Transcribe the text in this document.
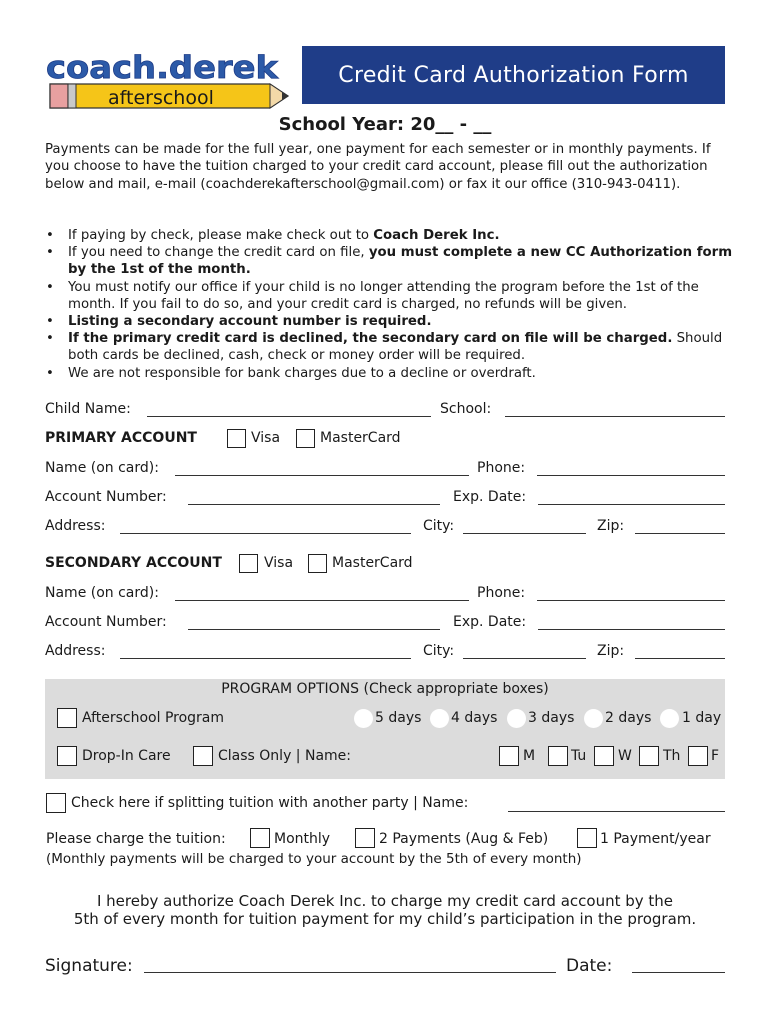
afterschool
coach.derek	Credit Card Authorization Form
School Year: 20__ - __

Payments can be made for the full year, one payment for each semester or in monthly payments. If you choose to have the tuition charged to your credit card account, please fill out the authorization below and mail, e-mail (coachderekafterschool@gmail.com) or fax it our office (310-943-0411).

• If paying by check, please make check out to Coach Derek Inc.
• If you need to change the credit card on file, you must complete a new CC Authorization form by the 1st of the month.
• You must notify our office if your child is no longer attending the program before the 1st of the month. If you fail to do so, and your credit card is charged, no refunds will be given.
• Listing a secondary account number is required.
• If the primary credit card is declined, the secondary card on file will be charged. Should both cards be declined, cash, check or money order will be required.
• We are not responsible for bank charges due to a decline or overdraft.
Child Name:	School:
PRIMARY ACCOUNT	Visa	MasterCard
Name (on card):	Phone:
Account Number:	Exp. Date:
Address:	City:	Zip:
SECONDARY ACCOUNT	Visa	MasterCard
Name (on card):	Phone:
Account Number:	Exp. Date:
Address:	City:	Zip:
PROGRAM OPTIONS (Check appropriate boxes)
Afterschool Program	5 days 4 days 3 days 2 days 1 day
Drop-In Care	Class Only | Name:	M	Tu W Th F
Check here if splitting tuition with another party | Name:
Please charge the tuition:	Monthly	2 Payments (Aug & Feb)	1 Payment/year
(Monthly payments will be charged to your account by the 5th of every month)
I hereby authorize Coach Derek Inc. to charge my credit card account by the
5th of every month for tuition payment for my child’s participation in the program.
Signature:	Date:
